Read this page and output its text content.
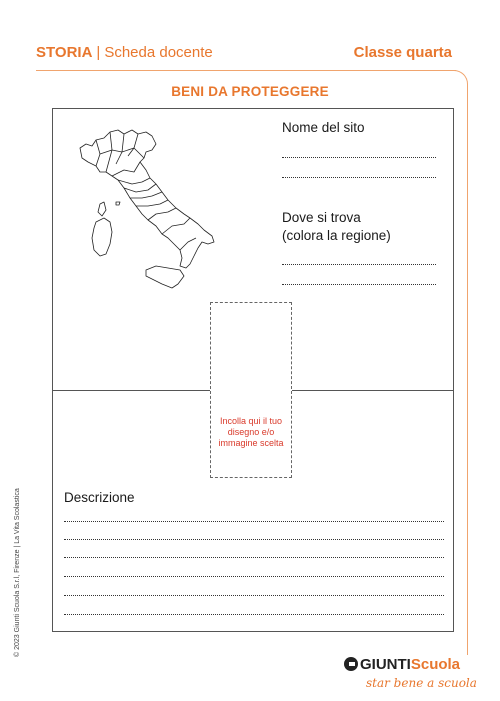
STORIA | Scheda docente	Classe quarta
BENI DA PROTEGGERE
Nome del sito
Dove si trova
(colora la regione)
Incolla qui il tuo disegno e/o immagine scelta
Descrizione
© 2023 Giunti Scuola S.r.l, Firenze | La Vita Scolastica
GIUNTIScuola
star bene a scuola
